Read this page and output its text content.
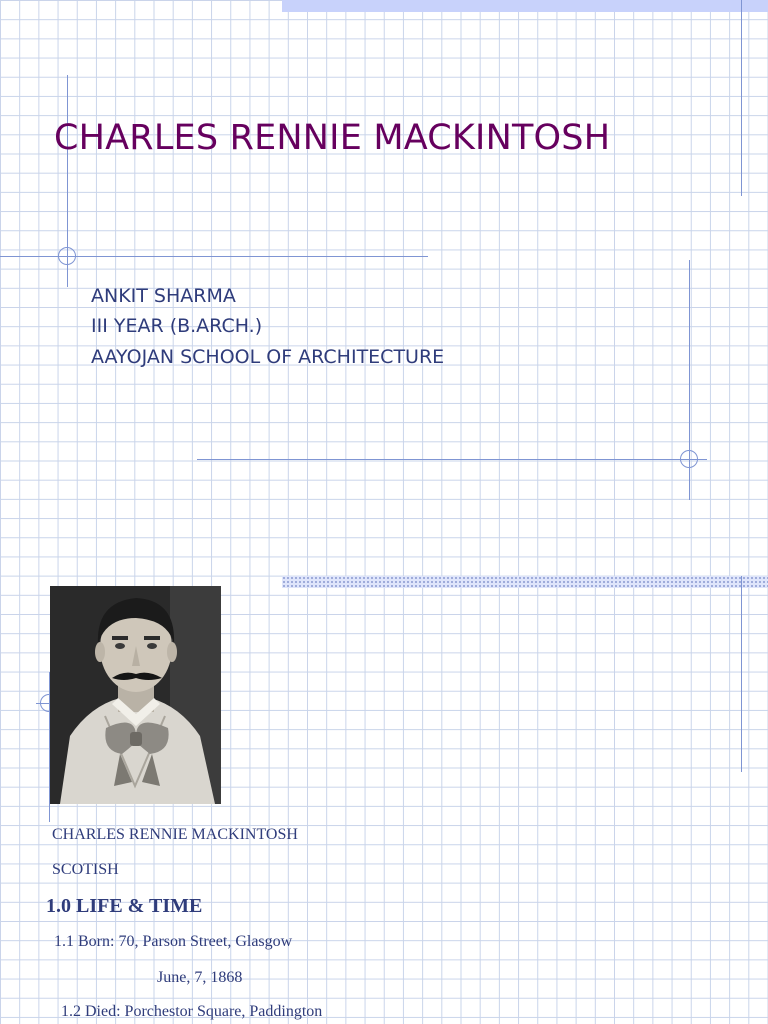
CHARLES RENNIE MACKINTOSH
ANKIT SHARMA
III YEAR (B.ARCH.)
AAYOJAN SCHOOL OF ARCHITECTURE
CHARLES RENNIE MACKINTOSH
SCOTISH
1.0 LIFE & TIME
1.1 Born: 70, Parson Street, Glasgow
June, 7, 1868
1.2 Died: Porchestor Square, Paddington
